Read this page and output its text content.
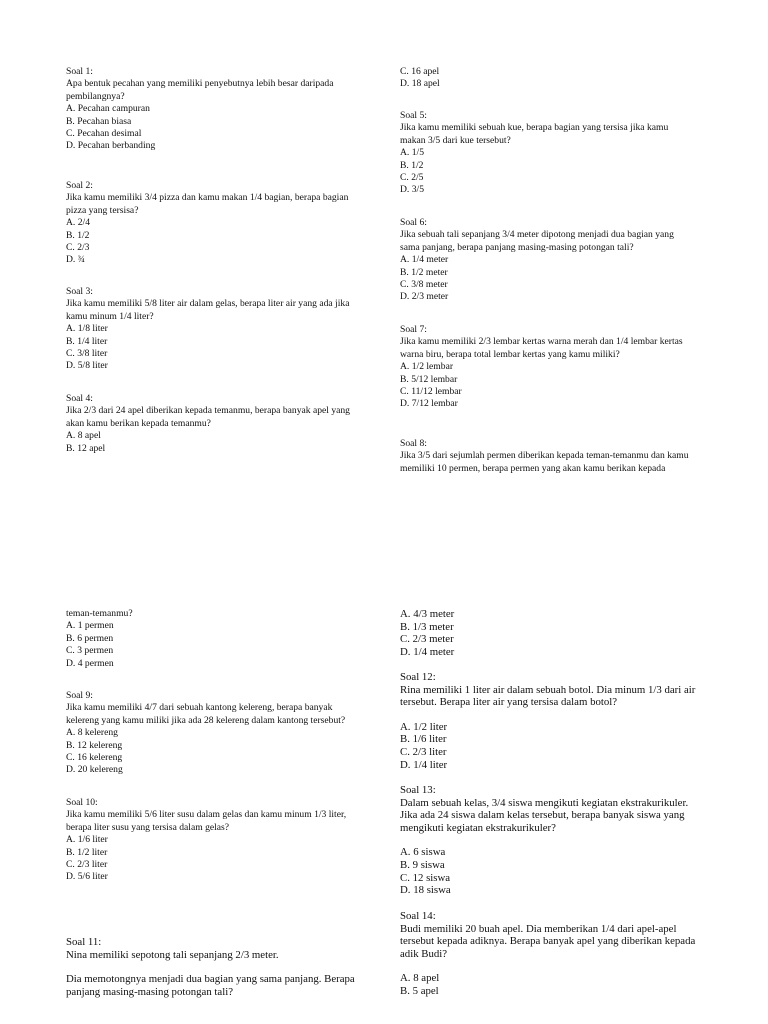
Soal 1:
Apa bentuk pecahan yang memiliki penyebutnya lebih besar daripada
pembilangnya?
A. Pecahan campuran
B. Pecahan biasa
C. Pecahan desimal
D. Pecahan berbanding
Soal 2:
Jika kamu memiliki 3/4 pizza dan kamu makan 1/4 bagian, berapa bagian
pizza yang tersisa?
A. 2/4
B. 1/2
C. 2/3
D. ¾
Soal 3:
Jika kamu memiliki 5/8 liter air dalam gelas, berapa liter air yang ada jika
kamu minum 1/4 liter?
A. 1/8 liter
B. 1/4 liter
C. 3/8 liter
D. 5/8 liter
Soal 4:
Jika 2/3 dari 24 apel diberikan kepada temanmu, berapa banyak apel yang
akan kamu berikan kepada temanmu?
A. 8 apel
B. 12 apel
C. 16 apel
D. 18 apel
Soal 5:
Jika kamu memiliki sebuah kue, berapa bagian yang tersisa jika kamu
makan 3/5 dari kue tersebut?
A. 1/5
B. 1/2
C. 2/5
D. 3/5
Soal 6:
Jika sebuah tali sepanjang 3/4 meter dipotong menjadi dua bagian yang
sama panjang, berapa panjang masing-masing potongan tali?
A. 1/4 meter
B. 1/2 meter
C. 3/8 meter
D. 2/3 meter
Soal 7:
Jika kamu memiliki 2/3 lembar kertas warna merah dan 1/4 lembar kertas
warna biru, berapa total lembar kertas yang kamu miliki?
A. 1/2 lembar
B. 5/12 lembar
C. 11/12 lembar
D. 7/12 lembar
Soal 8:
Jika 3/5 dari sejumlah permen diberikan kepada teman-temanmu dan kamu
memiliki 10 permen, berapa permen yang akan kamu berikan kepada
teman-temanmu?
A. 1 permen
B. 6 permen
C. 3 permen
D. 4 permen
Soal 9:
Jika kamu memiliki 4/7 dari sebuah kantong kelereng, berapa banyak
kelereng yang kamu miliki jika ada 28 kelereng dalam kantong tersebut?
A. 8 kelereng
B. 12 kelereng
C. 16 kelereng
D. 20 kelereng
Soal 10:
Jika kamu memiliki 5/6 liter susu dalam gelas dan kamu minum 1/3 liter,
berapa liter susu yang tersisa dalam gelas?
A. 1/6 liter
B. 1/2 liter
C. 2/3 liter
D. 5/6 liter
Soal 11:
Nina memiliki sepotong tali sepanjang 2/3 meter.
Dia memotongnya menjadi dua bagian yang sama panjang. Berapa
panjang masing-masing potongan tali?
A. 4/3 meter
B. 1/3 meter
C. 2/3 meter
D. 1/4 meter
Soal 12:
Rina memiliki 1 liter air dalam sebuah botol. Dia minum 1/3 dari air
tersebut. Berapa liter air yang tersisa dalam botol?
A. 1/2 liter
B. 1/6 liter
C. 2/3 liter
D. 1/4 liter
Soal 13:
Dalam sebuah kelas, 3/4 siswa mengikuti kegiatan ekstrakurikuler.
Jika ada 24 siswa dalam kelas tersebut, berapa banyak siswa yang
mengikuti kegiatan ekstrakurikuler?
A. 6 siswa
B. 9 siswa
C. 12 siswa
D. 18 siswa
Soal 14:
Budi memiliki 20 buah apel. Dia memberikan 1/4 dari apel-apel
tersebut kepada adiknya. Berapa banyak apel yang diberikan kepada
adik Budi?
A. 8 apel
B. 5 apel
